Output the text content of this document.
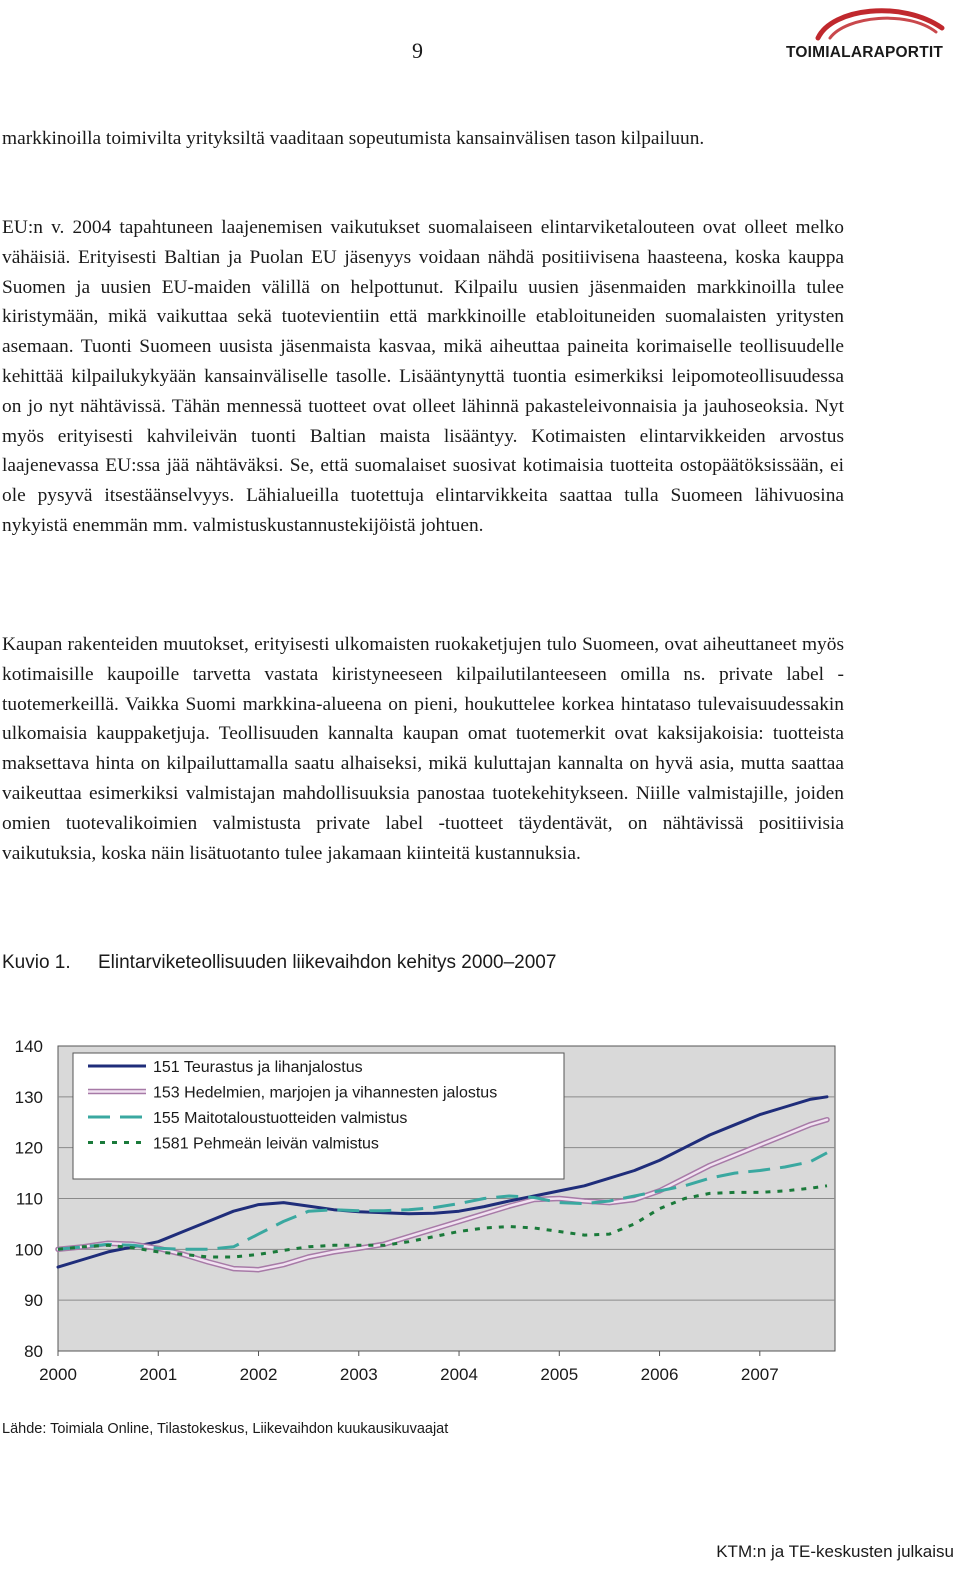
9	TOIMIALARAPORTIT

markkinoilla toimivilta yrityksiltä vaaditaan sopeutumista kansainvälisen tason kilpailuun.

EU:n v. 2004 tapahtuneen laajenemisen vaikutukset suomalaiseen elintarviketalouteen ovat olleet melko vähäisiä. Erityisesti Baltian ja Puolan EU jäsenyys voidaan nähdä positiivisena haasteena, koska kauppa Suomen ja uusien EU-maiden välillä on helpottunut. Kilpailu uusien jäsenmaiden markkinoilla tulee kiristymään, mikä vaikuttaa sekä tuotevientiin että markkinoille etabloituneiden suomalaisten yritysten asemaan. Tuonti Suomeen uusista jäsenmaista kasvaa, mikä aiheuttaa paineita korimaiselle teollisuudelle kehittää kilpailukykyään kansainväliselle tasolle. Lisääntynyttä tuontia esimerkiksi leipomoteollisuudessa on jo nyt nähtävissä. Tähän mennessä tuotteet ovat olleet lähinnä pakasteleivonnaisia ja jauhoseoksia. Nyt myös erityisesti kahvileivän tuonti Baltian maista lisääntyy. Kotimaisten elintarvikkeiden arvostus laajenevassa EU:ssa jää nähtäväksi. Se, että suomalaiset suosivat kotimaisia tuotteita ostopäätöksissään, ei ole pysyvä itsestäänselvyys. Lähialueilla tuotettuja elintarvikkeita saattaa tulla Suomeen lähivuosina nykyistä enemmän mm. valmistuskustannustekijöistä johtuen.

Kaupan rakenteiden muutokset, erityisesti ulkomaisten ruokaketjujen tulo Suomeen, ovat aiheuttaneet myös kotimaisille kaupoille tarvetta vastata kiristyneeseen kilpailutilanteeseen omilla ns. private label -tuotemerkeillä. Vaikka Suomi markkina-alueena on pieni, houkuttelee korkea hintataso tulevaisuudessakin ulkomaisia kauppaketjuja. Teollisuuden kannalta kaupan omat tuotemerkit ovat kaksijakoisia: tuotteista maksettava hinta on kilpailuttamalla saatu alhaiseksi, mikä kuluttajan kannalta on hyvä asia, mutta saattaa vaikeuttaa esimerkiksi valmistajan mahdollisuuksia panostaa tuotekehitykseen. Niille valmistajille, joiden omien tuotevalikoimien valmistusta private label -tuotteet täydentävät, on nähtävissä positiivisia vaikutuksia, koska näin lisätuotanto tulee jakamaan kiinteitä kustannuksia.

Kuvio 1. Elintarviketeollisuuden liikevaihdon kehitys 2000–2007
80
90
100
110
120
130
140
2000	2001	2002	2003	2004	2005	2006	2007
151 Teurastus ja lihanjalostus
153 Hedelmien, marjojen ja vihannesten jalostus
155 Maitotaloustuotteiden valmistus
1581 Pehmeän leivän valmistus
Lähde: Toimiala Online, Tilastokeskus, Liikevaihdon kuukausikuvaajat
KTM:n ja TE-keskusten julkaisu
